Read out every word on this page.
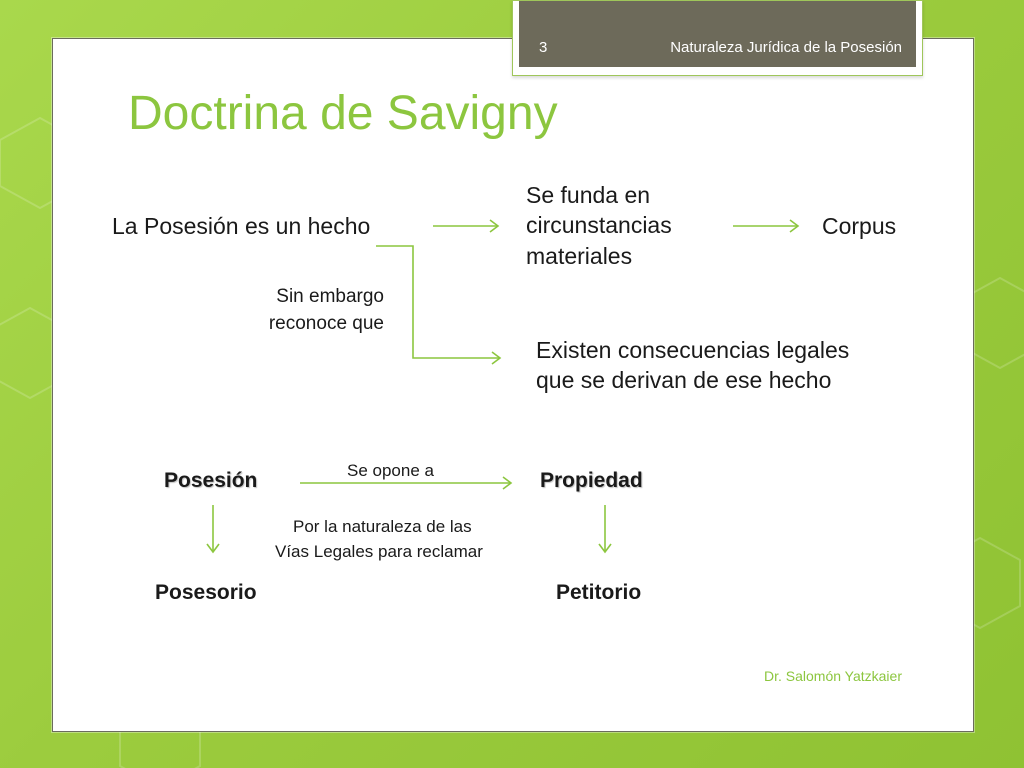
3	Naturaleza Jurídica de la Posesión
Doctrina de Savigny
La Posesión es un hecho
Se funda en
circunstancias
materiales
Corpus
Sin embargo
reconoce que
Existen consecuencias legales
que se derivan de ese hecho
Posesión	Se opone a	Propiedad
Por la naturaleza de las
Vías Legales para reclamar
Posesorio	Petitorio
Dr. Salomón Yatzkaier
